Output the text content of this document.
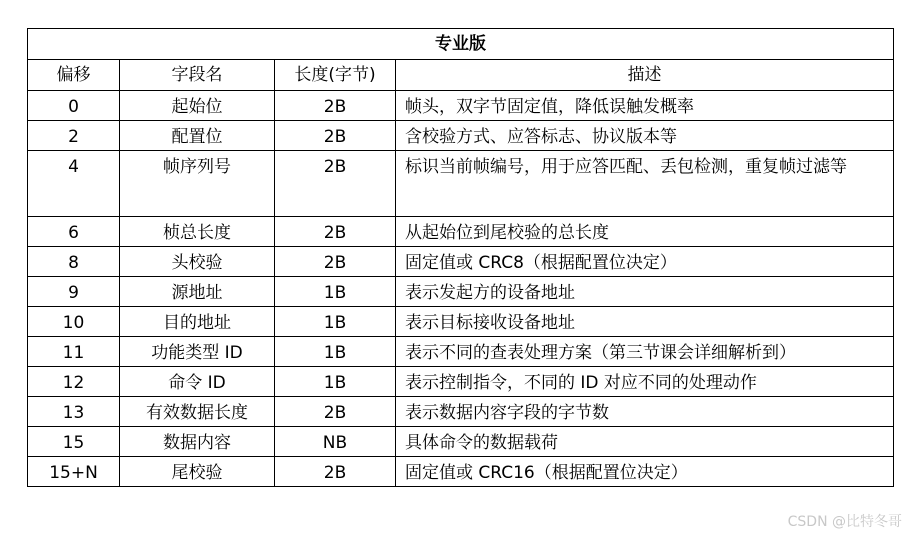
专业版			
偏移	字段名	长度(字节)	描述
0	起始位	2B	帧头，双字节固定值，降低误触发概率
2	配置位	2B	含校验方式、应答标志、协议版本等
4	帧序列号	2B	标识当前帧编号，用于应答匹配、丢包检测，重复帧过滤等
6	桢总长度	2B	从起始位到尾校验的总长度
8	头校验	2B	固定值或 CRC8（根据配置位决定）
9	源地址	1B	表示发起方的设备地址
10	目的地址	1B	表示目标接收设备地址
11	功能类型 ID	1B	表示不同的查表处理方案（第三节课会详细解析到）
12	命令 ID	1B	表示控制指令，不同的 ID 对应不同的处理动作
13	有效数据长度	2B	表示数据内容字段的字节数
15	数据内容	NB	具体命令的数据载荷
15+N	尾校验	2B	固定值或 CRC16（根据配置位决定）
CSDN @比特冬哥
